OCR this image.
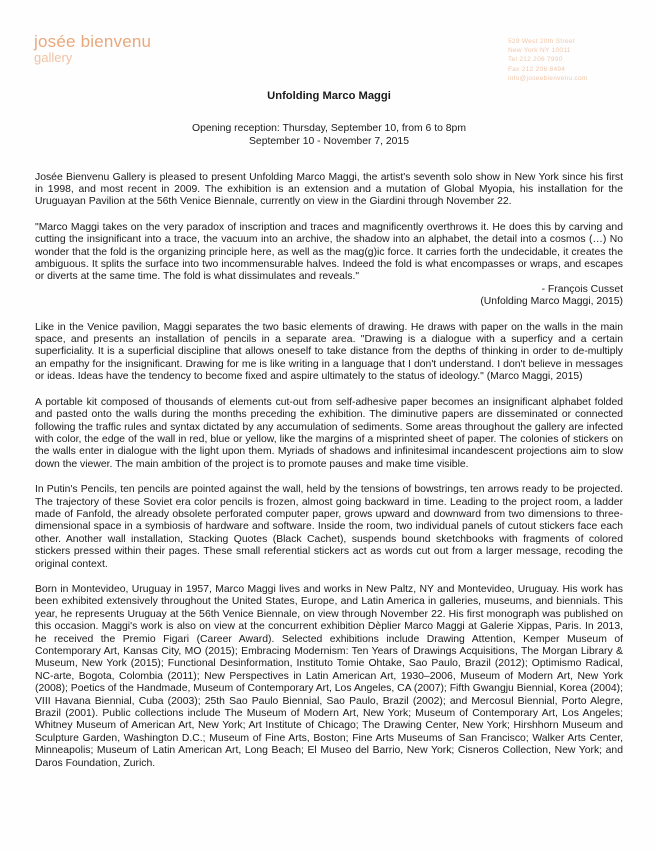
josée bienvenu
gallery
529 West 20th Street
New York NY 10011
Tel 212 206 7990
Fax 212 206 8494
info@joseebienvenu.com
Unfolding Marco Maggi
Opening reception: Thursday, September 10, from 6 to 8pm
September 10 - November 7, 2015

Josée Bienvenu Gallery is pleased to present Unfolding Marco Maggi, the artist's seventh solo show in New York since his first in 1998, and most recent in 2009. The exhibition is an extension and a mutation of Global Myopia, his installation for the Uruguayan Pavilion at the 56th Venice Biennale, currently on view in the Giardini through November 22.

"Marco Maggi takes on the very paradox of inscription and traces and magnificently overthrows it. He does this by carving and cutting the insignificant into a trace, the vacuum into an archive, the shadow into an alphabet, the detail into a cosmos (…) No wonder that the fold is the organizing principle here, as well as the mag(g)ic force. It carries forth the undecidable, it creates the ambiguous. It splits the surface into two incommensurable halves. Indeed the fold is what encompasses or wraps, and escapes or diverts at the same time. The fold is what dissimulates and reveals."

- François Cusset

(Unfolding Marco Maggi, 2015)

Like in the Venice pavilion, Maggi separates the two basic elements of drawing. He draws with paper on the walls in the main space, and presents an installation of pencils in a separate area. "Drawing is a dialogue with a superficy and a certain superficiality. It is a superficial discipline that allows oneself to take distance from the depths of thinking in order to de-multiply an empathy for the insignificant. Drawing for me is like writing in a language that I don't understand. I don't believe in messages or ideas. Ideas have the tendency to become fixed and aspire ultimately to the status of ideology." (Marco Maggi, 2015)

A portable kit composed of thousands of elements cut-out from self-adhesive paper becomes an insignificant alphabet folded and pasted onto the walls during the months preceding the exhibition. The diminutive papers are disseminated or connected following the traffic rules and syntax dictated by any accumulation of sediments. Some areas throughout the gallery are infected with color, the edge of the wall in red, blue or yellow, like the margins of a misprinted sheet of paper. The colonies of stickers on the walls enter in dialogue with the light upon them. Myriads of shadows and infinitesimal incandescent projections aim to slow down the viewer. The main ambition of the project is to promote pauses and make time visible.

In Putin's Pencils, ten pencils are pointed against the wall, held by the tensions of bowstrings, ten arrows ready to be projected. The trajectory of these Soviet era color pencils is frozen, almost going backward in time. Leading to the project room, a ladder made of Fanfold, the already obsolete perforated computer paper, grows upward and downward from two dimensions to three-dimensional space in a symbiosis of hardware and software. Inside the room, two individual panels of cutout stickers face each other. Another wall installation, Stacking Quotes (Black Cachet), suspends bound sketchbooks with fragments of colored stickers pressed within their pages. These small referential stickers act as words cut out from a larger message, recoding the original context.

Born in Montevideo, Uruguay in 1957, Marco Maggi lives and works in New Paltz, NY and Montevideo, Uruguay. His work has been exhibited extensively throughout the United States, Europe, and Latin America in galleries, museums, and biennials. This year, he represents Uruguay at the 56th Venice Biennale, on view through November 22. His first monograph was published on this occasion. Maggi's work is also on view at the concurrent exhibition Dèplier Marco Maggi at Galerie Xippas, Paris. In 2013, he received the Premio Figari (Career Award). Selected exhibitions include Drawing Attention, Kemper Museum of Contemporary Art, Kansas City, MO (2015); Embracing Modernism: Ten Years of Drawings Acquisitions, The Morgan Library & Museum, New York (2015); Functional Desinformation, Instituto Tomie Ohtake, Sao Paulo, Brazil (2012); Optimismo Radical, NC-arte, Bogota, Colombia (2011); New Perspectives in Latin American Art, 1930–2006, Museum of Modern Art, New York (2008); Poetics of the Handmade, Museum of Contemporary Art, Los Angeles, CA (2007); Fifth Gwangju Biennial, Korea (2004); VIII Havana Biennial, Cuba (2003); 25th Sao Paulo Biennial, Sao Paulo, Brazil (2002); and Mercosul Biennial, Porto Alegre, Brazil (2001). Public collections include The Museum of Modern Art, New York; Museum of Contemporary Art, Los Angeles; Whitney Museum of American Art, New York; Art Institute of Chicago; The Drawing Center, New York; Hirshhorn Museum and Sculpture Garden, Washington D.C.; Museum of Fine Arts, Boston; Fine Arts Museums of San Francisco; Walker Arts Center, Minneapolis; Museum of Latin American Art, Long Beach; El Museo del Barrio, New York; Cisneros Collection, New York; and Daros Foundation, Zurich.
